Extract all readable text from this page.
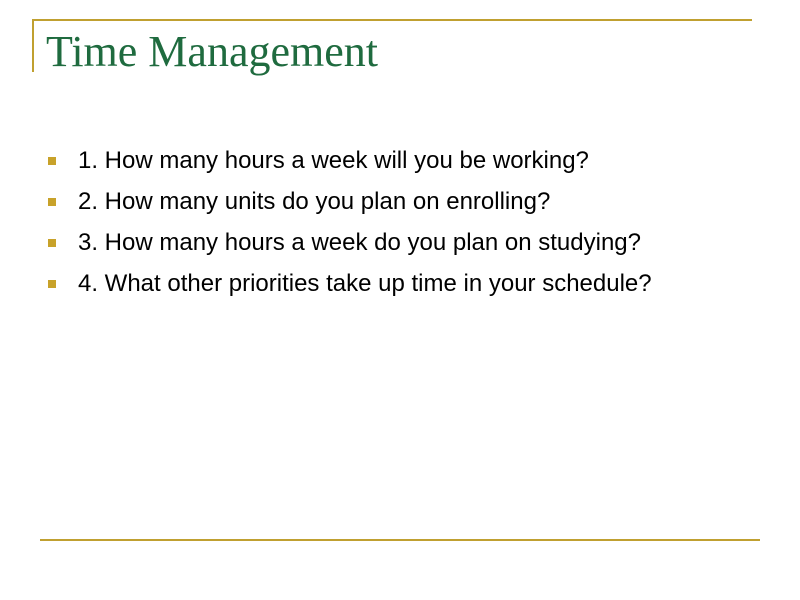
Time Management
1. How many hours a week will you be working?
2. How many units do you plan on enrolling?
3. How many hours a week do you plan on studying?
4. What other priorities take up time in your schedule?
